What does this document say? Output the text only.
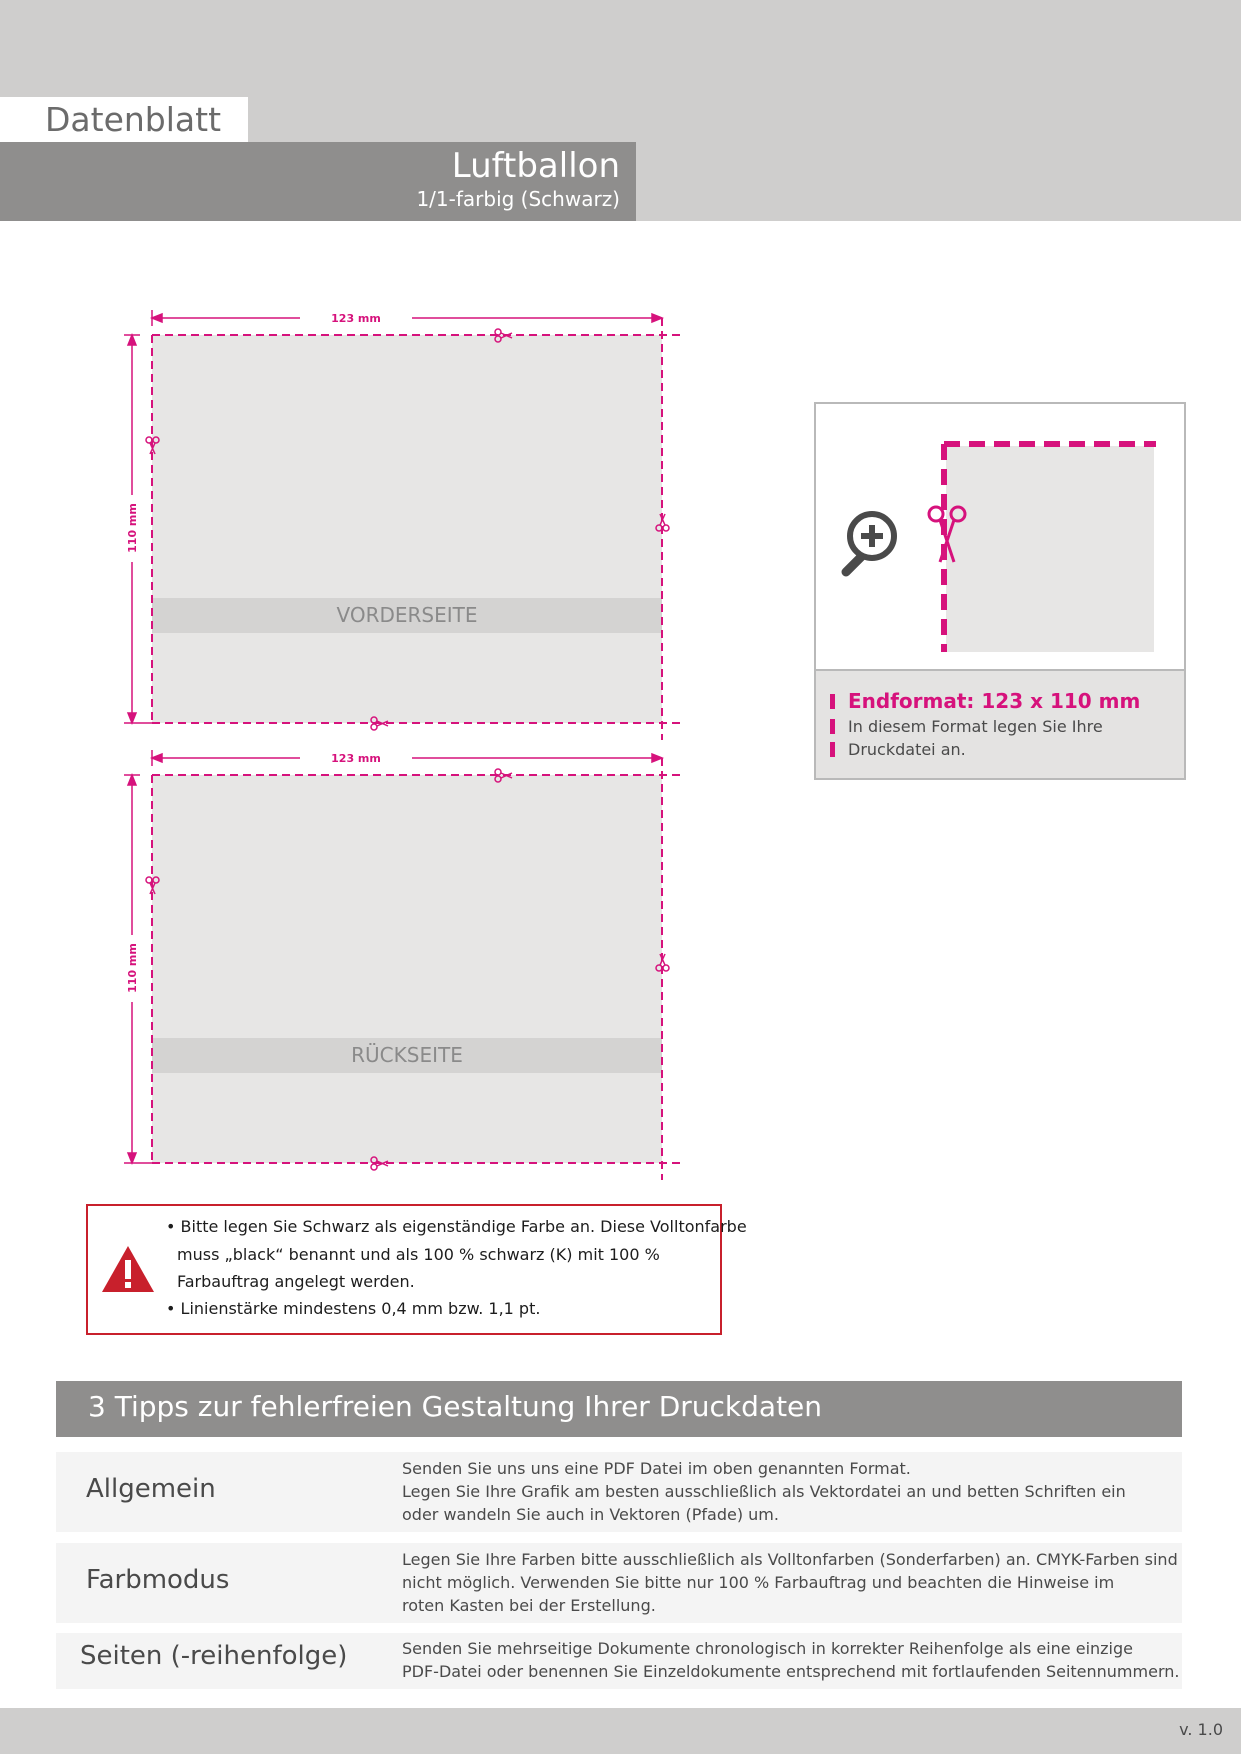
Datenblatt
Luftballon
1/1-farbig (Schwarz)
VORDERSEITE
123 mm
110 mm
RÜCKSEITE
123 mm
110 mm
Endformat: 123 x 110 mm
In diesem Format legen Sie Ihre
Druckdatei an.
• Bitte legen Sie Schwarz als eigenständige Farbe an. Diese Volltonfarbe
muss „black“ benannt und als 100 % schwarz (K) mit 100 %
Farbauftrag angelegt werden.
• Linienstärke mindestens 0,4 mm bzw. 1,1 pt.
3 Tipps zur fehlerfreien Gestaltung Ihrer Druckdaten
Allgemein
Senden Sie uns uns eine PDF Datei im oben genannten Format.
Legen Sie Ihre Grafik am besten ausschließlich als Vektordatei an und betten Schriften ein
oder wandeln Sie auch in Vektoren (Pfade) um.
Farbmodus
Legen Sie Ihre Farben bitte ausschließlich als Volltonfarben (Sonderfarben) an. CMYK-Farben sind
nicht möglich. Verwenden Sie bitte nur 100 % Farbauftrag und beachten die Hinweise im
roten Kasten bei der Erstellung.
Seiten (-reihenfolge)	Senden Sie mehrseitige Dokumente chronologisch in korrekter Reihenfolge als eine einzige
PDF-Datei oder benennen Sie Einzeldokumente entsprechend mit fortlaufenden Seitennummern.
v. 1.0
